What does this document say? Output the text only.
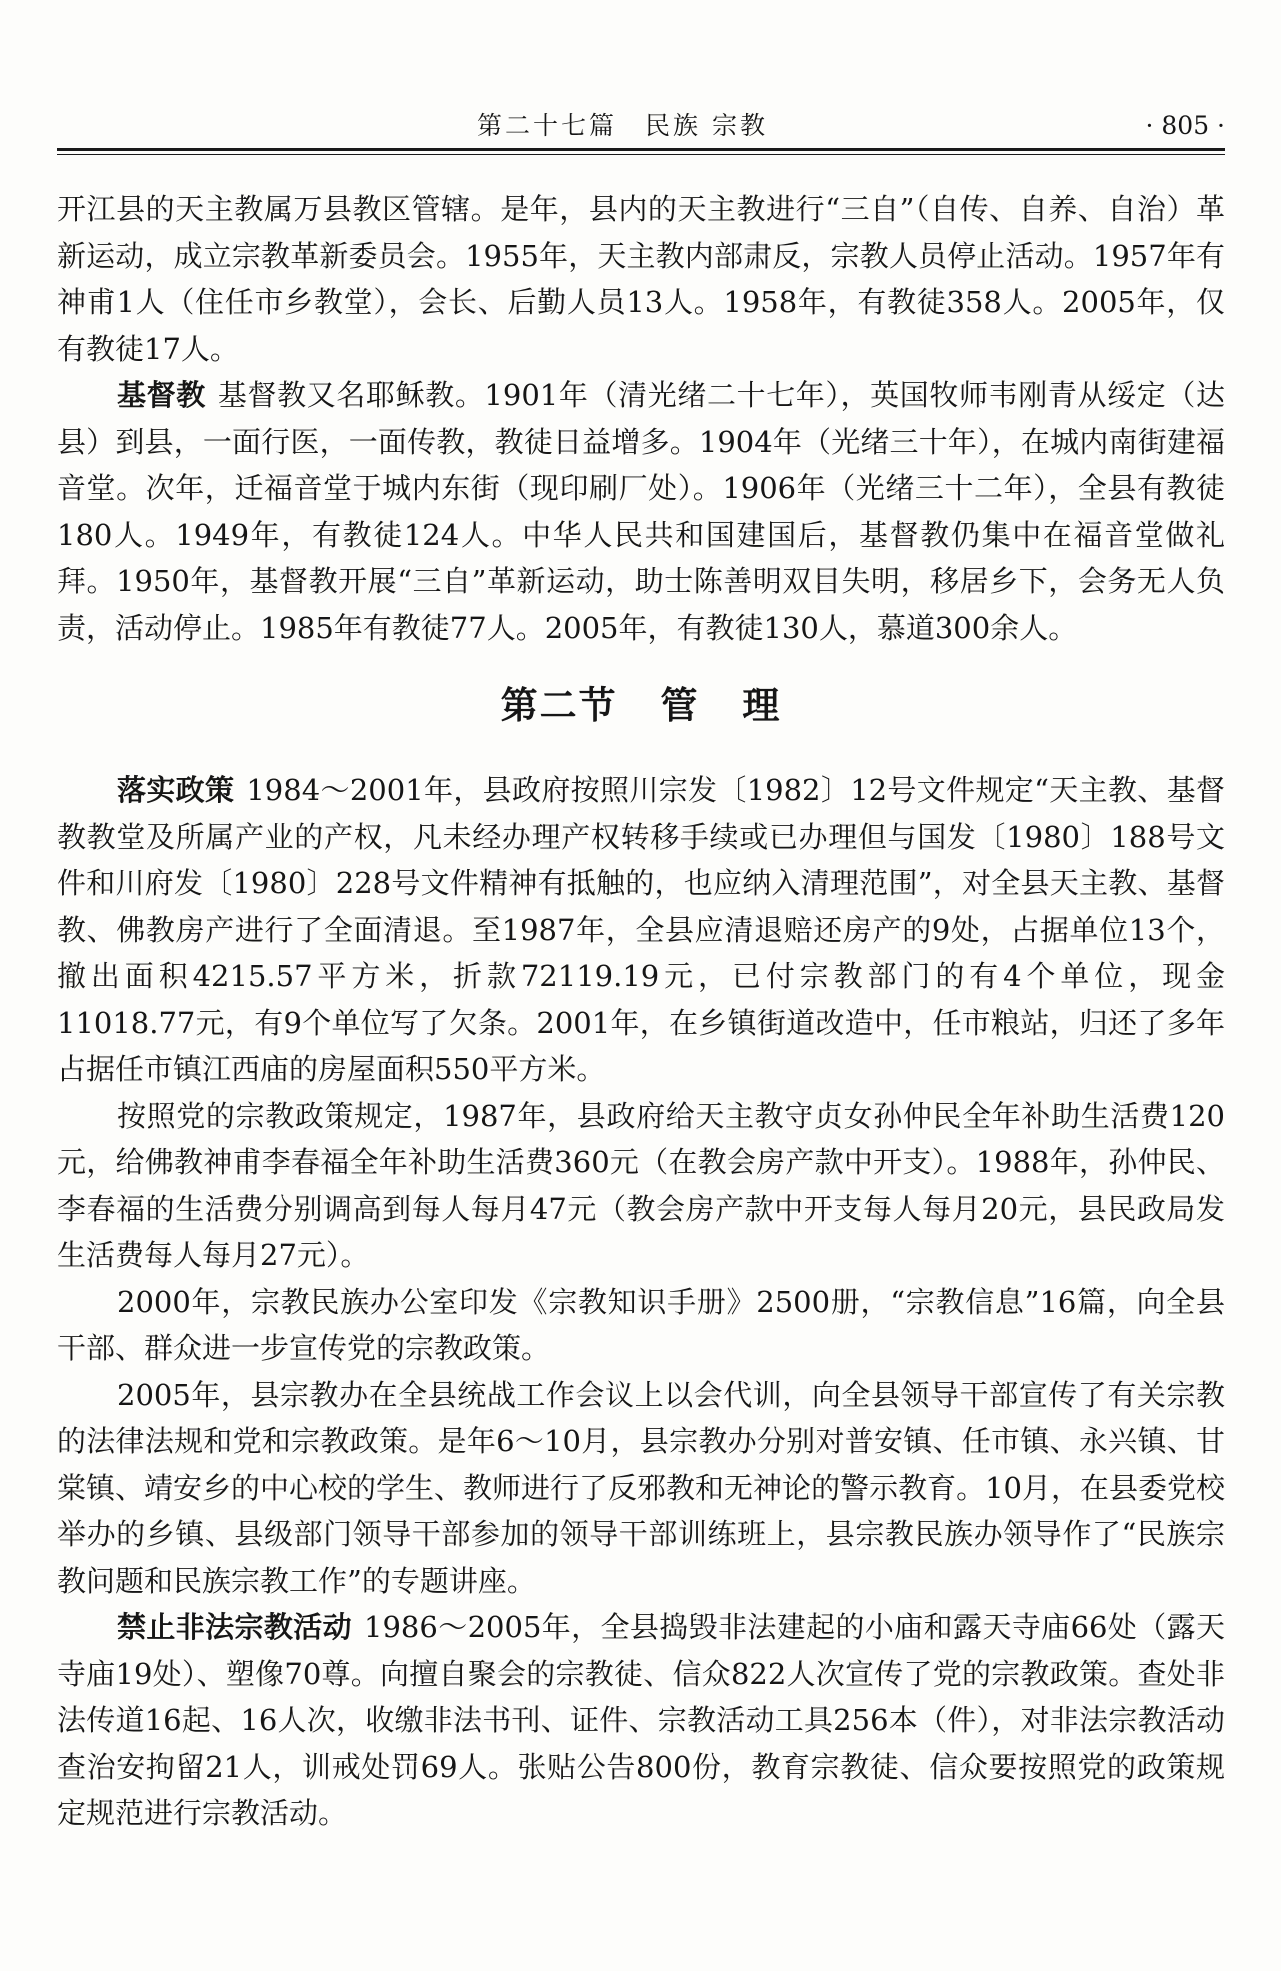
第二十七篇　民族 宗教	· 805 ·

开江县的天主教属万县教区管辖。是年，县内的天主教进行“三自”（自传、自养、自治）革新运动，成立宗教革新委员会。1955年，天主教内部肃反，宗教人员停止活动。1957年有神甫1人（住任市乡教堂），会长、后勤人员13人。1958年，有教徒358人。2005年，仅有教徒17人。

基督教 基督教又名耶稣教。1901年（清光绪二十七年），英国牧师韦刚青从绥定（达县）到县，一面行医，一面传教，教徒日益增多。1904年（光绪三十年），在城内南街建福音堂。次年，迁福音堂于城内东街（现印刷厂处）。1906年（光绪三十二年），全县有教徒180人。1949年，有教徒124人。中华人民共和国建国后，基督教仍集中在福音堂做礼拜。1950年，基督教开展“三自”革新运动，助士陈善明双目失明，移居乡下，会务无人负责，活动停止。1985年有教徒77人。2005年，有教徒130人，慕道300余人。

第二节 管 理

落实政策 1984～2001年，县政府按照川宗发〔1982〕12号文件规定“天主教、基督教教堂及所属产业的产权，凡未经办理产权转移手续或已办理但与国发〔1980〕188号文件和川府发〔1980〕228号文件精神有抵触的，也应纳入清理范围”，对全县天主教、基督教、佛教房产进行了全面清退。至1987年，全县应清退赔还房产的9处，占据单位13个，撤出面积4215.57平方米，折款72119.19元，已付宗教部门的有4个单位，现金11018.77元，有9个单位写了欠条。2001年，在乡镇街道改造中，任市粮站，归还了多年占据任市镇江西庙的房屋面积550平方米。

按照党的宗教政策规定，1987年，县政府给天主教守贞女孙仲民全年补助生活费120元，给佛教神甫李春福全年补助生活费360元（在教会房产款中开支）。1988年，孙仲民、李春福的生活费分别调高到每人每月47元（教会房产款中开支每人每月20元，县民政局发生活费每人每月27元）。

2000年，宗教民族办公室印发《宗教知识手册》2500册，“宗教信息”16篇，向全县干部、群众进一步宣传党的宗教政策。

2005年，县宗教办在全县统战工作会议上以会代训，向全县领导干部宣传了有关宗教的法律法规和党和宗教政策。是年6～10月，县宗教办分别对普安镇、任市镇、永兴镇、甘棠镇、靖安乡的中心校的学生、教师进行了反邪教和无神论的警示教育。10月，在县委党校举办的乡镇、县级部门领导干部参加的领导干部训练班上，县宗教民族办领导作了“民族宗教问题和民族宗教工作”的专题讲座。

禁止非法宗教活动 1986～2005年，全县捣毁非法建起的小庙和露天寺庙66处（露天寺庙19处）、塑像70尊。向擅自聚会的宗教徒、信众822人次宣传了党的宗教政策。查处非法传道16起、16人次，收缴非法书刊、证件、宗教活动工具256本（件），对非法宗教活动查治安拘留21人，训戒处罚69人。张贴公告800份，教育宗教徒、信众要按照党的政策规定规范进行宗教活动。
